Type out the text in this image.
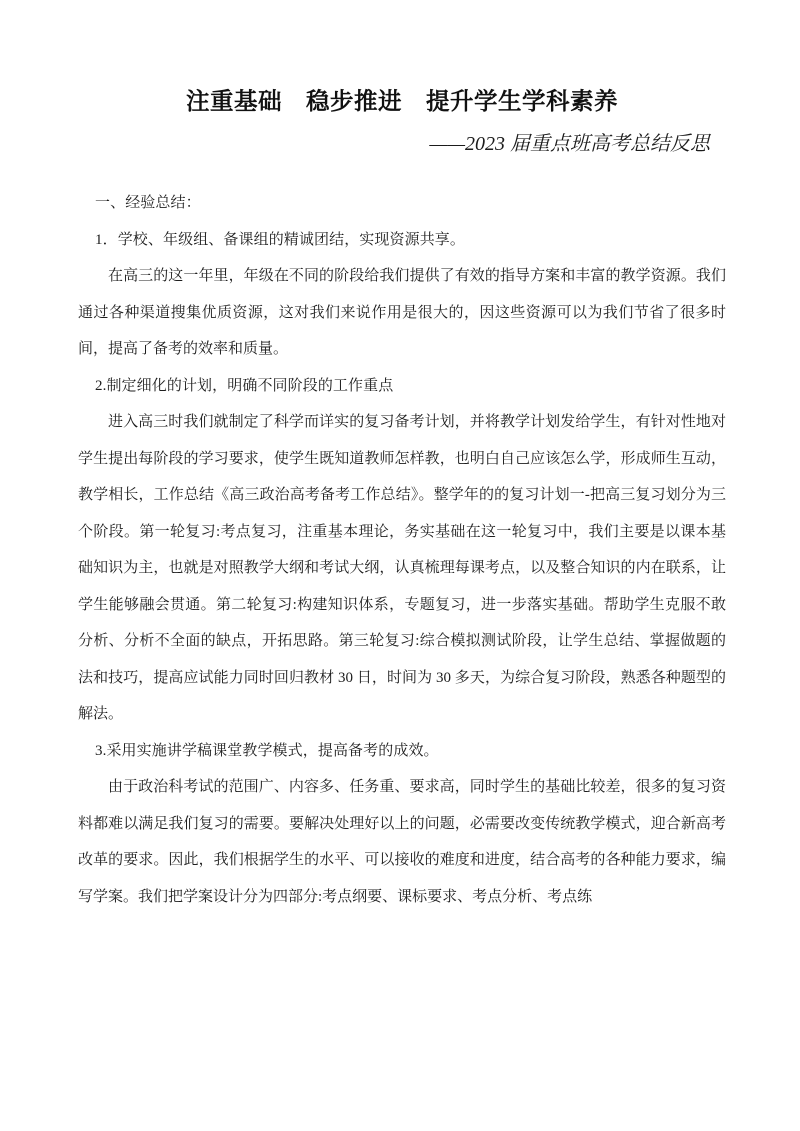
注重基础　稳步推进　提升学生学科素养
——2023 届重点班高考总结反思

一、经验总结：

1．学校、年级组、备课组的精诚团结，实现资源共享。

在高三的这一年里，年级在不同的阶段给我们提供了有效的指导方案和丰富的教学资源。我们通过各种渠道搜集优质资源，这对我们来说作用是很大的，因这些资源可以为我们节省了很多时间，提高了备考的效率和质量。

2.制定细化的计划，明确不同阶段的工作重点

进入高三时我们就制定了科学而详实的复习备考计划，并将教学计划发给学生，有针对性地对学生提出每阶段的学习要求，使学生既知道教师怎样教，也明白自己应该怎么学，形成师生互动，教学相长，工作总结《高三政治高考备考工作总结》。整学年的的复习计划一-把高三复习划分为三个阶段。第一轮复习:考点复习，注重基本理论，务实基础在这一轮复习中，我们主要是以课本基础知识为主，也就是对照教学大纲和考试大纲，认真梳理每课考点，以及整合知识的内在联系，让学生能够融会贯通。第二轮复习:构建知识体系，专题复习，进一步落实基础。帮助学生克服不敢分析、分析不全面的缺点，开拓思路。第三轮复习:综合模拟测试阶段，让学生总结、掌握做题的法和技巧，提高应试能力同时回归教材 30 日，时间为 30 多天，为综合复习阶段，熟悉各种题型的解法。

3.采用实施讲学稿课堂教学模式，提高备考的成效。

由于政治科考试的范围广、内容多、任务重、要求高，同时学生的基础比较差，很多的复习资料都难以满足我们复习的需要。要解决处理好以上的问题，必需要改变传统教学模式，迎合新高考改革的要求。因此，我们根据学生的水平、可以接收的难度和进度，结合高考的各种能力要求，编写学案。我们把学案设计分为四部分:考点纲要、课标要求、考点分析、考点练
